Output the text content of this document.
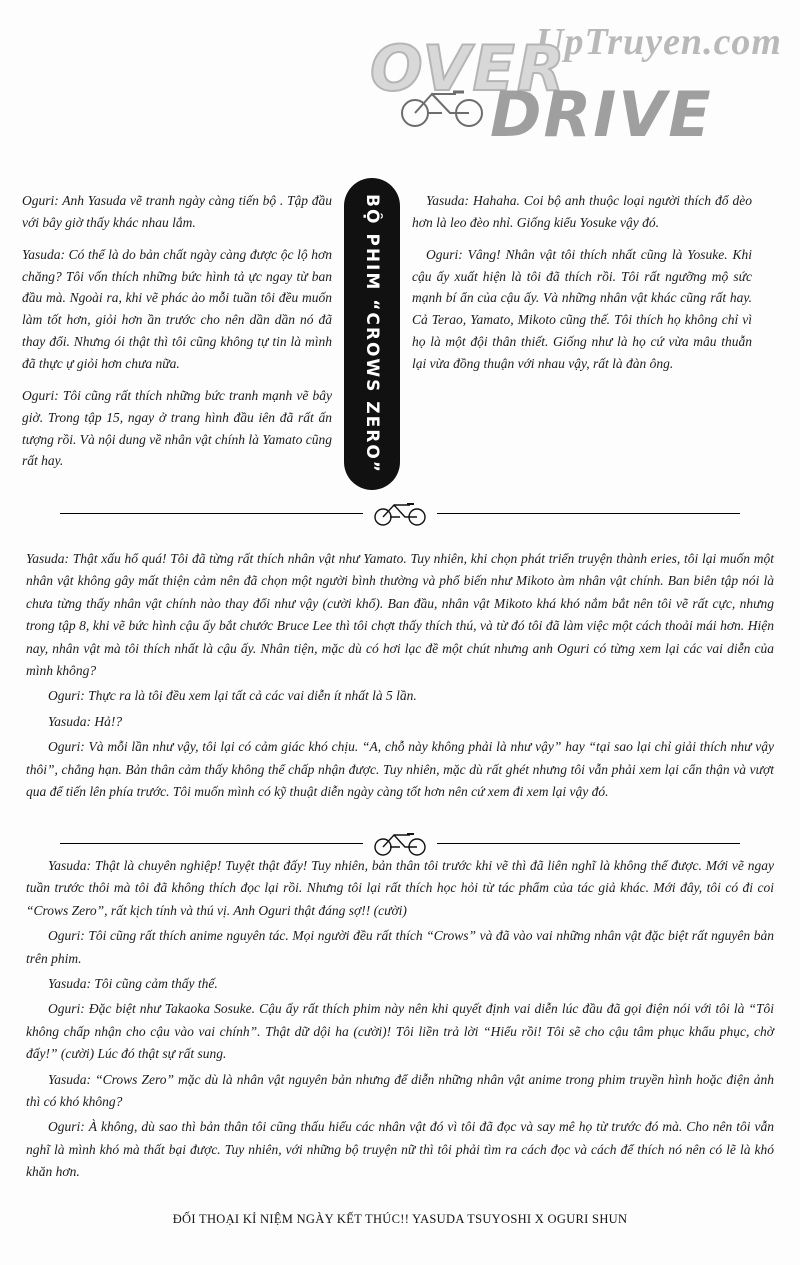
UpTruyen.com
OVER
DRIVE

Oguri: Anh Yasuda vẽ tranh ngày càng tiến bộ . Tập đầu với bây giờ thấy khác nhau lắm.

Yasuda: Có thể là do bản chất ngày càng được ộc lộ hơn chăng? Tôi vốn thích những bức hình tả ực ngay từ ban đầu mà. Ngoài ra, khi vẽ phác ảo mỗi tuần tôi đều muốn làm tốt hơn, giỏi hơn ần trước cho nên dần dần nó đã thay đổi. Nhưng ói thật thì tôi cũng không tự tin là mình đã thực ự giỏi hơn chưa nữa.

Oguri: Tôi cũng rất thích những bức tranh mạnh vẽ bây giờ. Trong tập 15, ngay ở trang hình đầu iên đã rất ấn tượng rồi. Và nội dung về nhân vật chính là Yamato cũng rất hay.	BỘ PHIM “CROWS ZERO”	Yasuda: Hahaha. Coi bộ anh thuộc loại người thích đổ dèo hơn là leo đèo nhỉ. Giống kiểu Yosuke vậy đó.

Oguri: Vâng! Nhân vật tôi thích nhất cũng là Yosuke. Khi cậu ấy xuất hiện là tôi đã thích rồi. Tôi rất ngưỡng mộ sức mạnh bí ẩn của cậu ấy. Và những nhân vật khác cũng rất hay. Cả Terao, Yamato, Mikoto cũng thế. Tôi thích họ không chỉ vì họ là một đội thân thiết. Giống như là họ cứ vừa mâu thuẫn lại vừa đồng thuận với nhau vậy, rất là đàn ông.

Yasuda: Thật xấu hổ quá! Tôi đã từng rất thích nhân vật như Yamato. Tuy nhiên, khi chọn phát triển truyện thành eries, tôi lại muốn một nhân vật không gây mất thiện cảm nên đã chọn một người bình thường và phổ biến như Mikoto àm nhân vật chính. Ban biên tập nói là chưa từng thấy nhân vật chính nào thay đổi như vậy (cười khổ). Ban đầu, nhân vật Mikoto khá khó nắm bắt nên tôi vẽ rất cực, nhưng trong tập 8, khi vẽ bức hình cậu ấy bắt chước Bruce Lee thì tôi chợt thấy thích thú, và từ đó tôi đã làm việc một cách thoải mái hơn. Hiện nay, nhân vật mà tôi thích nhất là cậu ấy. Nhân tiện, mặc dù có hơi lạc đề một chút nhưng anh Oguri có từng xem lại các vai diễn của mình không?

Oguri: Thực ra là tôi đều xem lại tất cả các vai diễn ít nhất là 5 lần.

Yasuda: Hả!?

Oguri: Và mỗi lần như vậy, tôi lại có cảm giác khó chịu. “A, chỗ này không phải là như vậy” hay “tại sao lại chỉ giải thích như vậy thôi”, chẳng hạn. Bản thân cảm thấy không thể chấp nhận được. Tuy nhiên, mặc dù rất ghét nhưng tôi vẫn phải xem lại cẩn thận và vượt qua để tiến lên phía trước. Tôi muốn mình có kỹ thuật diễn ngày càng tốt hơn nên cứ xem đi xem lại vậy đó.

Yasuda: Thật là chuyên nghiệp! Tuyệt thật đấy! Tuy nhiên, bản thân tôi trước khi vẽ thì đã liên nghĩ là không thể được. Mới vẽ ngay tuần trước thôi mà tôi đã không thích đọc lại rồi. Nhưng tôi lại rất thích học hỏi từ tác phẩm của tác giả khác. Mới đây, tôi có đi coi “Crows Zero”, rất kịch tính và thú vị. Anh Oguri thật đáng sợ!! (cười)

Oguri: Tôi cũng rất thích anime nguyên tác. Mọi người đều rất thích “Crows” và đã vào vai những nhân vật đặc biệt rất nguyên bản trên phim.

Yasuda: Tôi cũng cảm thấy thế.

Oguri: Đặc biệt như Takaoka Sosuke. Cậu ấy rất thích phim này nên khi quyết định vai diễn lúc đầu đã gọi điện nói với tôi là “Tôi không chấp nhận cho cậu vào vai chính”. Thật dữ dội ha (cười)! Tôi liền trả lời “Hiểu rồi! Tôi sẽ cho cậu tâm phục khẩu phục, chờ đấy!” (cười) Lúc đó thật sự rất sung.

Yasuda: “Crows Zero” mặc dù là nhân vật nguyên bản nhưng để diễn những nhân vật anime trong phim truyền hình hoặc điện ảnh thì có khó không?

Oguri: À không, dù sao thì bản thân tôi cũng thấu hiểu các nhân vật đó vì tôi đã đọc và say mê họ từ trước đó mà. Cho nên tôi vẫn nghĩ là mình khó mà thất bại được. Tuy nhiên, với những bộ truyện nữ thì tôi phải tìm ra cách đọc và cách để thích nó nên có lẽ là khó khăn hơn.

ĐỐI THOẠI KỈ NIỆM NGÀY KẾT THÚC!! YASUDA TSUYOSHI X OGURI SHUN
